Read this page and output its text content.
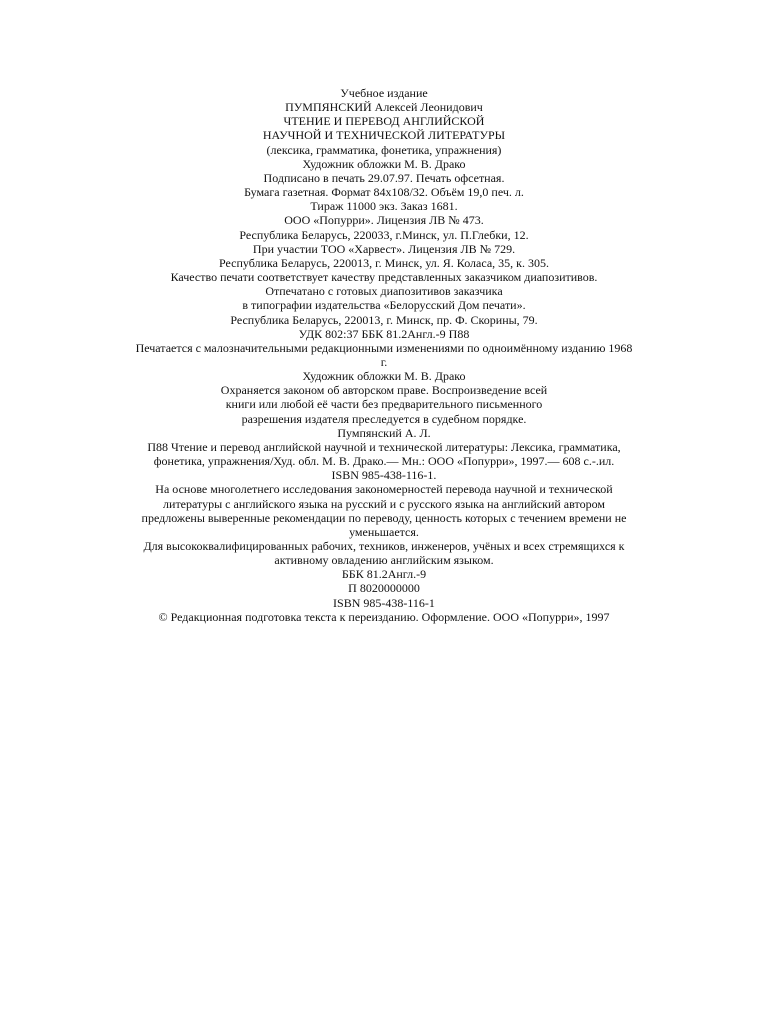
Учебное издание
ПУМПЯНСКИЙ Алексей Леонидович
ЧТЕНИЕ И ПЕРЕВОД АНГЛИЙСКОЙ
НАУЧНОЙ И ТЕХНИЧЕСКОЙ ЛИТЕРАТУРЫ
(лексика, грамматика, фонетика, упражнения)
Художник обложки М. В. Драко
Подписано в печать 29.07.97. Печать офсетная.
Бумага газетная. Формат 84х108/32. Объём 19,0 печ. л.
Тираж 11000 экз. Заказ 1681.
ООО «Попурри». Лицензия ЛВ № 473.
Республика Беларусь, 220033, г.Минск, ул. П.Глебки, 12.
При участии ТОО «Харвест». Лицензия ЛВ № 729.
Республика Беларусь, 220013, г. Минск, ул. Я. Коласа, 35, к. 305.
Качество печати соответствует качеству представленных заказчиком диапозитивов.
Отпечатано с готовых диапозитивов заказчика
в типографии издательства «Белорусский Дом печати».
Республика Беларусь, 220013, г. Минск, пр. Ф. Скорины, 79.
УДК 802:37 ББК 81.2Англ.-9 П88
Печатается с малозначительными редакционными изменениями по одноимённому изданию 1968
г.
Художник обложки М. В. Драко
Охраняется законом об авторском праве. Воспроизведение всей
книги или любой её части без предварительного письменного
разрешения издателя преследуется в судебном порядке.
Пумпянский А. Л.
П88 Чтение и перевод английской научной и технической литературы: Лексика, грамматика,
фонетика, упражнения/Худ. обл. М. В. Драко.— Мн.: ООО «Попурри», 1997.— 608 с.-.ил.
ISBN 985-438-116-1.
На основе многолетнего исследования закономерностей перевода научной и технической
литературы с английского языка на русский и с русского языка на английский автором
предложены выверенные рекомендации по переводу, ценность которых с течением времени не
уменьшается.
Для высококвалифицированных рабочих, техников, инженеров, учёных и всех стремящихся к
активному овладению английским языком.
ББК 81.2Англ.-9
П 8020000000
ISBN 985-438-116-1
© Редакционная подготовка текста к переизданию. Оформление. ООО «Попурри», 1997
